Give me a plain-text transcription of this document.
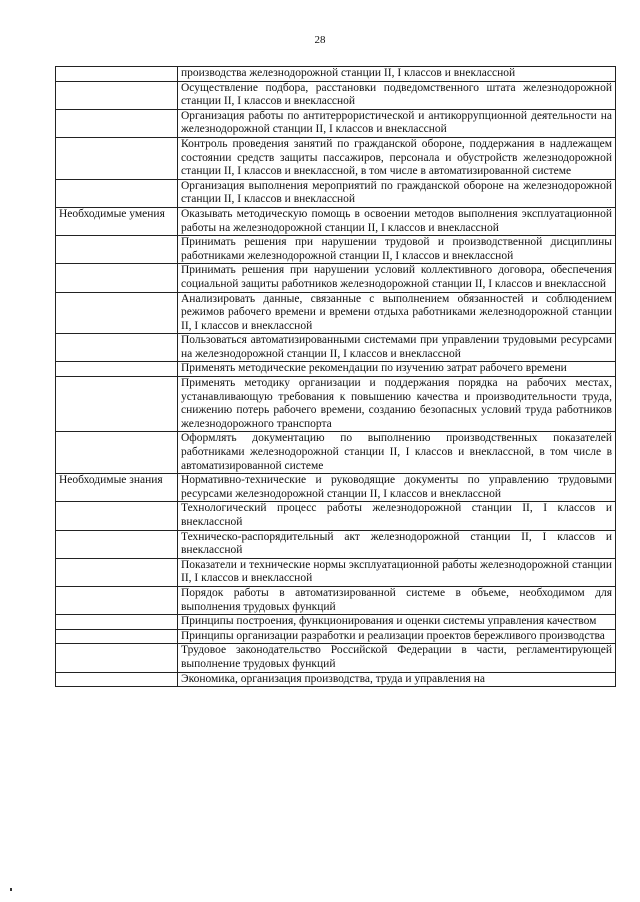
28
	производства железнодорожной станции II, I классов и внеклассной
	Осуществление подбора, расстановки подведомственного штата железнодорожной станции II, I классов и внеклассной
	Организация работы по антитеррористической и антикоррупционной деятельности на железнодорожной станции II, I классов и внеклассной
	Контроль проведения занятий по гражданской обороне, поддержания в надлежащем состоянии средств защиты пассажиров, персонала и обустройств железнодорожной станции II, I классов и внеклассной, в том числе в автоматизированной системе
	Организация выполнения мероприятий по гражданской обороне на железнодорожной станции II, I классов и внеклассной
Необходимые умения	Оказывать методическую помощь в освоении методов выполнения эксплуатационной работы на железнодорожной станции II, I классов и внеклассной
	Принимать решения при нарушении трудовой и производственной дисциплины работниками железнодорожной станции II, I классов и внеклассной
	Принимать решения при нарушении условий коллективного договора, обеспечения социальной защиты работников железнодорожной станции II, I классов и внеклассной
	Анализировать данные, связанные с выполнением обязанностей и соблюдением режимов рабочего времени и времени отдыха работниками железнодорожной станции II, I классов и внеклассной
	Пользоваться автоматизированными системами при управлении трудовыми ресурсами на железнодорожной станции II, I классов и внеклассной
	Применять методические рекомендации по изучению затрат рабочего времени
	Применять методику организации и поддержания порядка на рабочих местах, устанавливающую требования к повышению качества и производительности труда, снижению потерь рабочего времени, созданию безопасных условий труда работников железнодорожного транспорта
	Оформлять документацию по выполнению производственных показателей работниками железнодорожной станции II, I классов и внеклассной, в том числе в автоматизированной системе
Необходимые знания	Нормативно-технические и руководящие документы по управлению трудовыми ресурсами железнодорожной станции II, I классов и внеклассной
	Технологический процесс работы железнодорожной станции II, I классов и внеклассной
	Техническо-распорядительный акт железнодорожной станции II, I классов и внеклассной
	Показатели и технические нормы эксплуатационной работы железнодорожной станции II, I классов и внеклассной
	Порядок работы в автоматизированной системе в объеме, необходимом для выполнения трудовых функций
	Принципы построения, функционирования и оценки системы управления качеством
	Принципы организации разработки и реализации проектов бережливого производства
	Трудовое законодательство Российской Федерации в части, регламентирующей выполнение трудовых функций
	Экономика, организация производства, труда и управления на
